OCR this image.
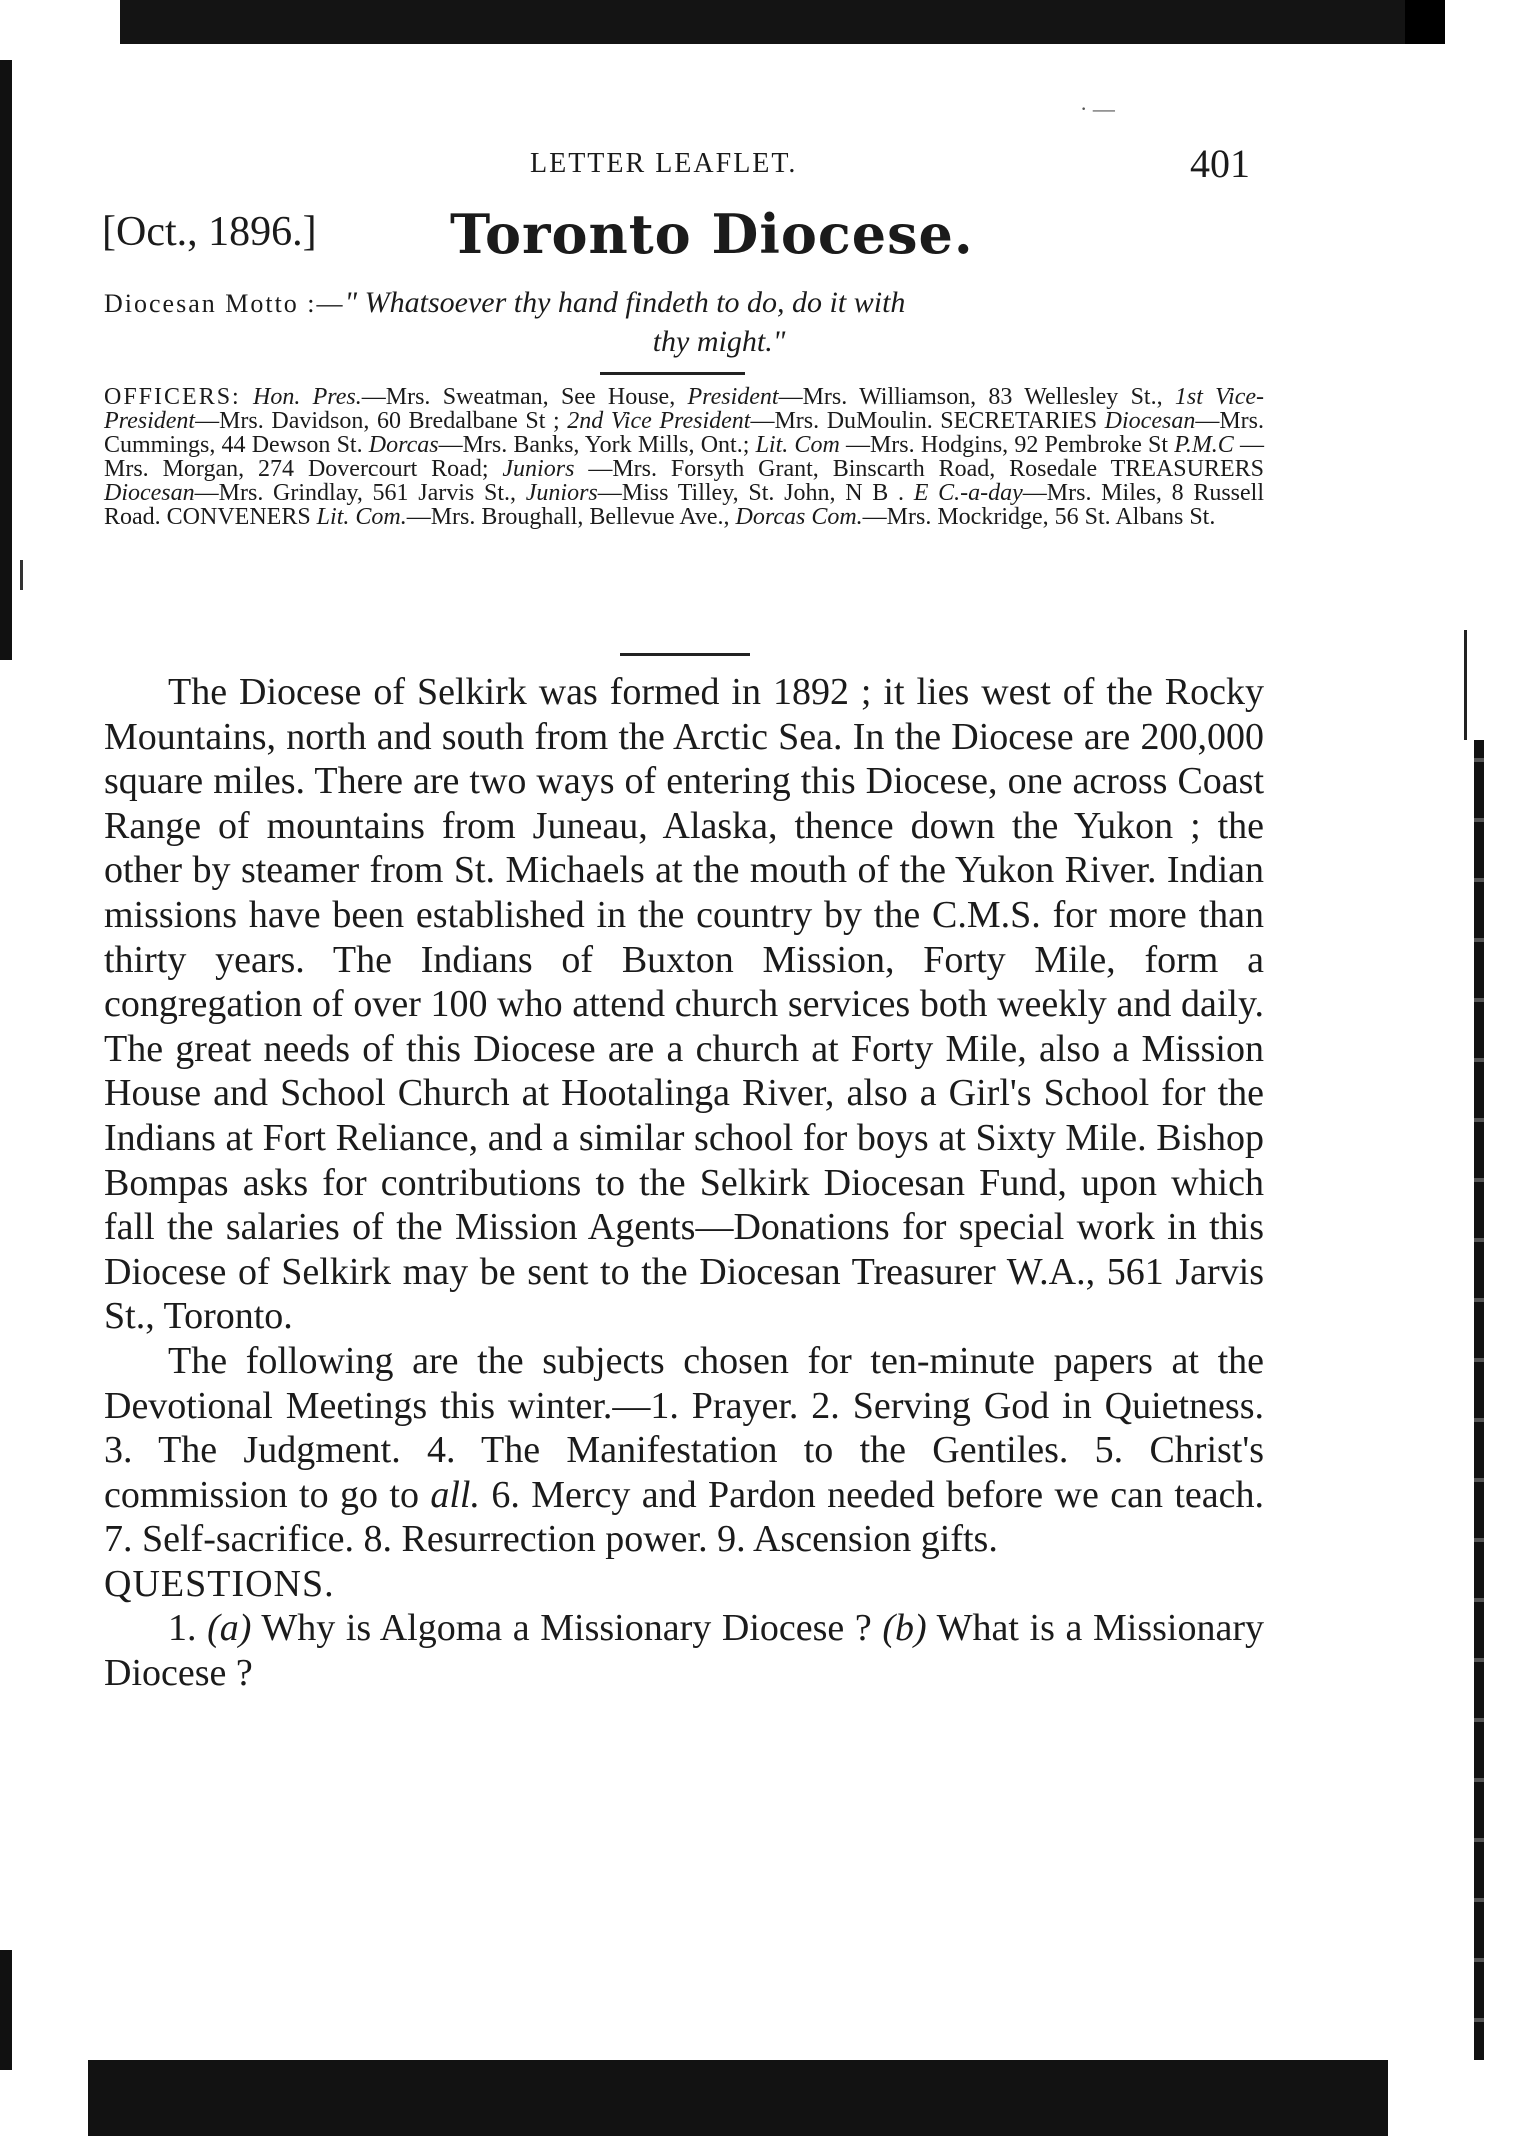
LETTER LEAFLET.	401
[Oct., 1896.] Toronto Diocese.
Diocesan Motto :—" Whatsoever thy hand findeth to do, do it with
thy might."
OFFICERS: Hon. Pres.—Mrs. Sweatman, See House, President—Mrs. Williamson, 83 Wellesley St., 1st Vice-President—Mrs. Davidson, 60 Bredalbane St ; 2nd Vice President—Mrs. DuMoulin. SECRETARIES Diocesan—Mrs. Cummings, 44 Dewson St. Dorcas—Mrs. Banks, York Mills, Ont.; Lit. Com —Mrs. Hodgins, 92 Pembroke St P.M.C —Mrs. Morgan, 274 Dovercourt Road; Juniors —Mrs. Forsyth Grant, Binscarth Road, Rosedale TREASURERS Diocesan—Mrs. Grindlay, 561 Jarvis St., Juniors—Miss Tilley, St. John, N B . E C.-a-day—Mrs. Miles, 8 Russell Road. CONVENERS Lit. Com.—Mrs. Broughall, Bellevue Ave., Dorcas Com.—Mrs. Mockridge, 56 St. Albans St.

The Diocese of Selkirk was formed in 1892 ; it lies west of the Rocky Mountains, north and south from the Arctic Sea. In the Diocese are 200,000 square miles. There are two ways of entering this Diocese, one across Coast Range of mountains from Juneau, Alaska, thence down the Yukon ; the other by steamer from St. Michaels at the mouth of the Yukon River. Indian missions have been established in the country by the C.M.S. for more than thirty years. The Indians of Buxton Mission, Forty Mile, form a congregation of over 100 who attend church services both weekly and daily. The great needs of this Diocese are a church at Forty Mile, also a Mission House and School Church at Hootalinga River, also a Girl's School for the Indians at Fort Reliance, and a similar school for boys at Sixty Mile. Bishop Bompas asks for contributions to the Selkirk Diocesan Fund, upon which fall the salaries of the Mission Agents—Donations for special work in this Diocese of Selkirk may be sent to the Diocesan Treasurer W.A., 561 Jarvis St., Toronto.

The following are the subjects chosen for ten-minute papers at the Devotional Meetings this winter.—1. Prayer. 2. Serving God in Quietness. 3. The Judgment. 4. The Manifestation to the Gentiles. 5. Christ's commission to go to all. 6. Mercy and Pardon needed before we can teach. 7. Self-sacrifice. 8. Resurrection power. 9. Ascension gifts.

QUESTIONS.

1. (a) Why is Algoma a Missionary Diocese ? (b) What is a Missionary Diocese ?

· —
